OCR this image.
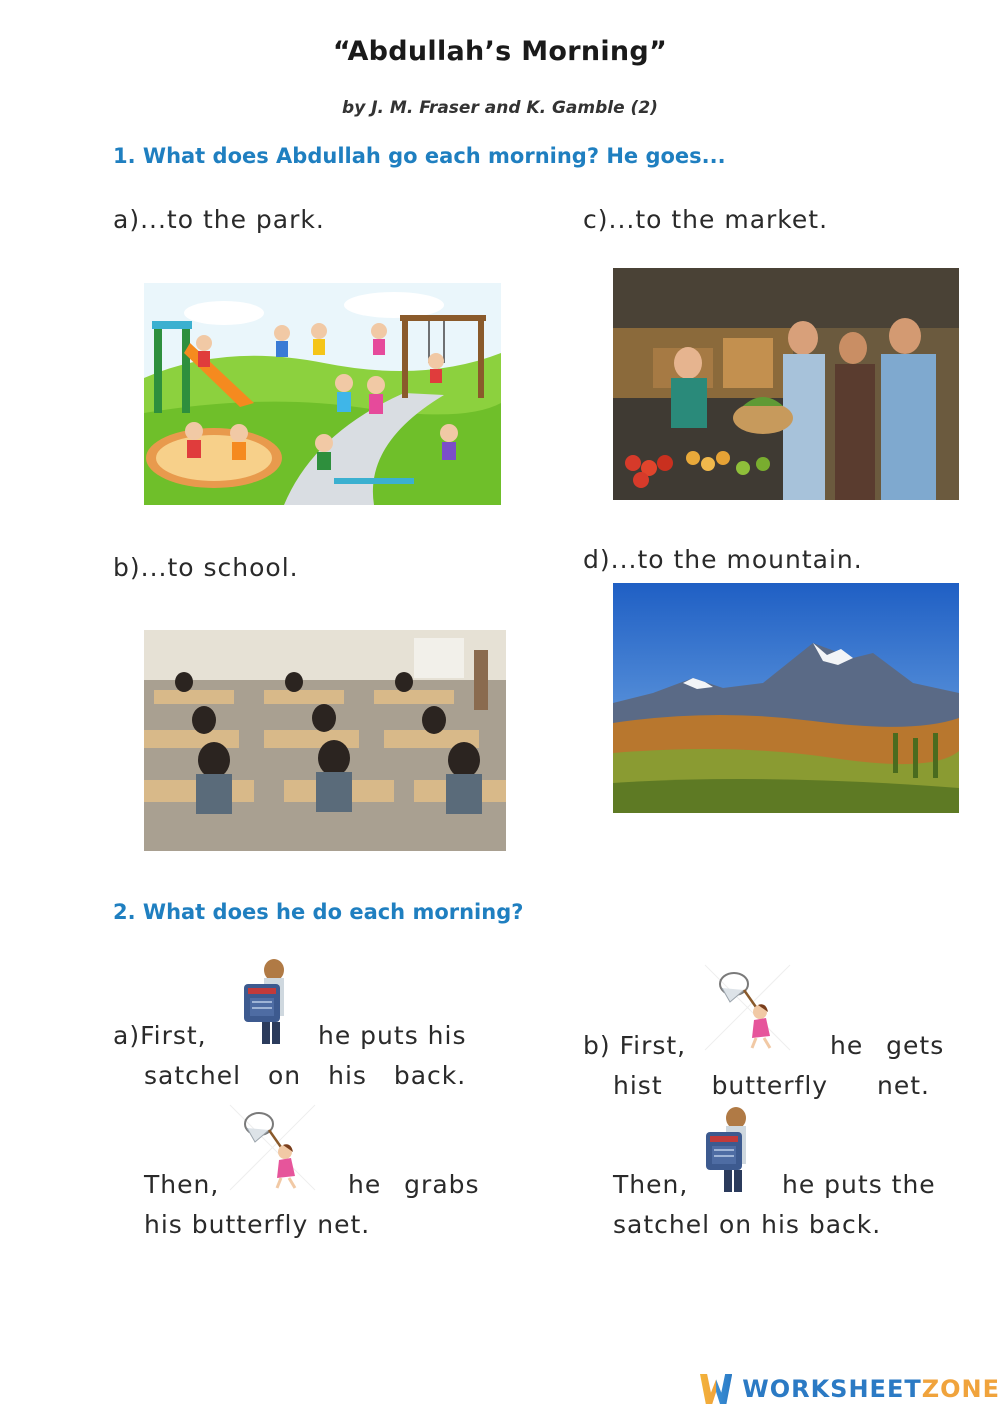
“Abdullah’s Morning”
by J. M. Fraser and K. Gamble (2)
1. What does Abdullah go each morning? He goes...
a)...to the park.	c)...to the market.
b)...to school.	d)...to the mountain.
2. What does he do each morning?
a)First,	he puts his
satchel on his back.
Then,	he grabs
his butterfly net.
b) First,	he gets
hist butterfly net.
Then,	he puts the
satchel on his back.
WORKSHEETZONE
